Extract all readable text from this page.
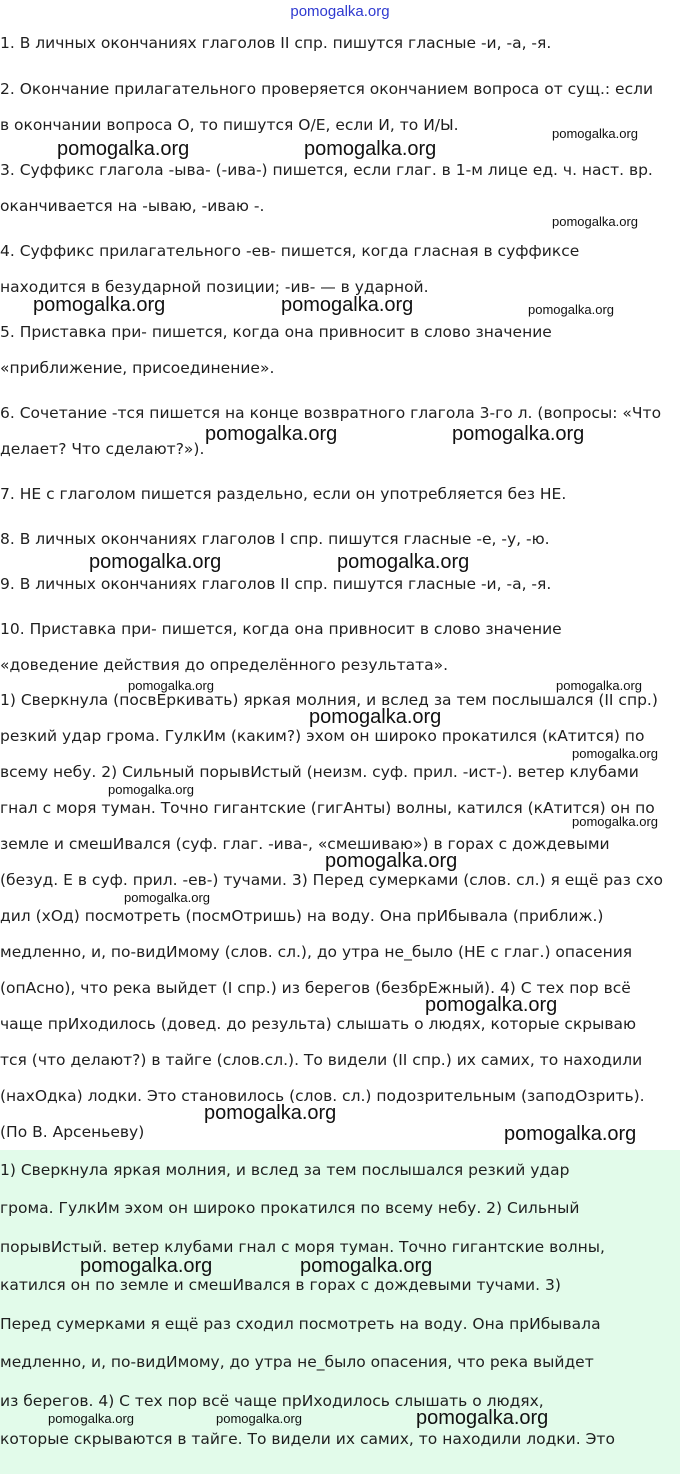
pomogalka.org
1. В личных окончаниях глаголов II спр. пишутся гласные -и, -а, -я.
2. Окончание прилагательного проверяется окончанием вопроса от сущ.: если
в окончании вопроса О, то пишутся О/Е, если И, то И/Ы.
3. Суффикс глагола -ыва- (-ива-) пишется, если глаг. в 1-м лице ед. ч. наст. вр.
оканчивается на -ываю, -иваю -.
4. Суффикс прилагательного -ев- пишется, когда гласная в суффиксе
находится в безударной позиции; -ив- — в ударной.
5. Приставка при- пишется, когда она привносит в слово значение
«приближение, присоединение».
6. Сочетание -тся пишется на конце возвратного глагола 3-го л. (вопросы: «Что
делает? Что сделают?»).
7. НЕ с глаголом пишется раздельно, если он употребляется без НЕ.
8. В личных окончаниях глаголов I спр. пишутся гласные -е, -у, -ю.
9. В личных окончаниях глаголов II спр. пишутся гласные -и, -а, -я.
10. Приставка при- пишется, когда она привносит в слово значение
«доведение действия до определённого результата».
1) Сверкнула (посвЕркивать) яркая молния, и вслед за тем послышался (II спр.)
резкий удар грома. ГулкИм (каким?) эхом он широко прокатился (кАтится) по
всему небу. 2) Сильный порывИстый (неизм. суф. прил. -ист-). ветер клубами
гнал с моря туман. Точно гигантские (гигАнты) волны, катился (кАтится) он по
земле и смешИвался (суф. глаг. -ива-, «смешиваю») в горах с дождевыми
(безуд. Е в суф. прил. -ев-) тучами. 3) Перед сумерками (слов. сл.) я ещё раз схо
дил (хОд) посмотреть (посмОтришь) на воду. Она прИбывала (приближ.)
медленно, и, по-видИмому (слов. сл.), до утра не_было (НЕ с глаг.) опасения
(опАсно), что река выйдет (I спр.) из берегов (безбрЕжный). 4) С тех пор всё
чаще прИходилось (довед. до результа) слышать о людях, которые скрываю
тся (что делают?) в тайге (слов.сл.). То видели (II спр.) их самих, то находили
(нахОдка) лодки. Это становилось (слов. сл.) подозрительным (заподОзрить).
(По В. Арсеньеву)
1) Сверкнула яркая молния, и вслед за тем послышался резкий удар
грома. ГулкИм эхом он широко прокатился по всему небу. 2) Сильный
порывИстый. ветер клубами гнал с моря туман. Точно гигантские волны,
катился он по земле и смешИвался в горах с дождевыми тучами. 3)
Перед сумерками я ещё раз сходил посмотреть на воду. Она прИбывала
медленно, и, по-видИмому, до утра не_было опасения, что река выйдет
из берегов. 4) С тех пор всё чаще прИходилось слышать о людях,
которые скрываются в тайге. То видели их самих, то находили лодки. Это
pomogalka.org
pomogalka.org	pomogalka.org
pomogalka.org
pomogalka.org	pomogalka.org	pomogalka.org
pomogalka.org	pomogalka.org
pomogalka.org	pomogalka.org
pomogalka.org	pomogalka.org
pomogalka.org
pomogalka.org
pomogalka.org
pomogalka.org
pomogalka.org
pomogalka.org
pomogalka.org
pomogalka.org
pomogalka.org
pomogalka.org	pomogalka.org
pomogalka.org	pomogalka.org	pomogalka.org
